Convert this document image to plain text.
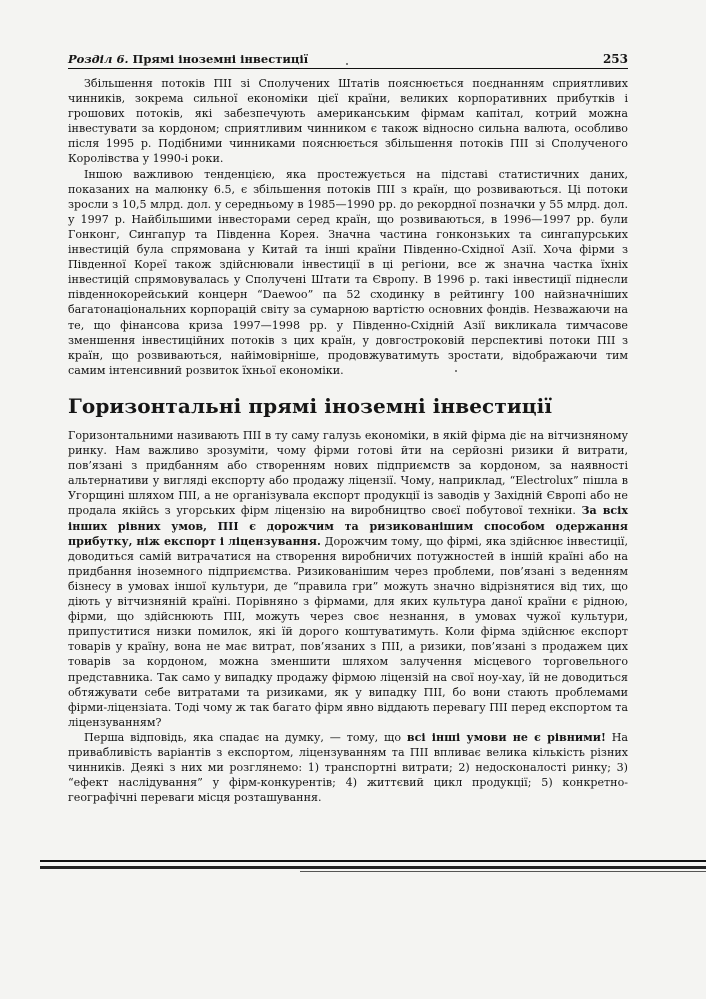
Розділ 6. Прямі іноземні інвестиції	253

Збільшення потоків ПІІ зі Сполучених Штатів пояснюється поєднанням сприятливих чинників, зокрема сильної економіки цієї країни, великих корпоративних прибутків і грошових потоків, які забезпечують американським фірмам капітал, котрий можна інвестувати за кордоном; сприятливим чинником є також відносно сильна валюта, особливо після 1995 р. Подібними чинниками пояснюється збільшення потоків ПІІ зі Сполученого Королівства у 1990-і роки.

Іншою важливою тенденцією, яка простежується на підставі статистичних даних, показаних на малюнку 6.5, є збільшення потоків ПІІ з країн, що розвиваються. Ці потоки зросли з 10,5 млрд. дол. у середньому в 1985—1990 рр. до рекордної позначки у 55 млрд. дол. у 1997 р. Найбільшими інвесторами серед країн, що розвиваються, в 1996—1997 рр. були Гонконг, Сингапур та Південна Корея. Значна частина гонконзьких та сингапурських інвестицій була спрямована у Китай та інші країни Південно-Східної Азії. Хоча фірми з Південної Кореї також здійснювали інвестиції в ці регіони, все ж значна частка їхніх інвестицій спрямовувалась у Сполучені Штати та Європу. В 1996 р. такі інвестиції піднесли південнокорейський концерн “Daewoo” па 52 сходинку в рейтингу 100 найзначніших багатонаціональних корпорацій світу за сумарною вартістю основних фондів. Незважаючи на те, що фінансова криза 1997—1998 рр. у Південно-Східній Азії викликала тимчасове зменшення інвестиційних потоків з цих країн, у довгостроковій перспективі потоки ПІІ з країн, що розвиваються, найімовірніше, продовжуватимуть зростати, відображаючи тим самим інтенсивний розвиток їхньої економіки.

Горизонтальні прямі іноземні інвестиції

Горизонтальними називають ПІІ в ту саму галузь економіки, в якій фірма діє на вітчизняному ринку. Нам важливо зрозуміти, чому фірми готові йти на серйозні ризики й витрати, пов’язані з придбанням або створенням нових підприємств за кордоном, за наявності альтернативи у вигляді експорту або продажу ліцензії. Чому, наприклад, “Electrolux” пішла в Угорщині шляхом ПІІ, а не організувала експорт продукції із заводів у Західній Європі або не продала якійсь з угорських фірм ліцензію на виробництво своєї побутової техніки. За всіх інших рівних умов, ПІІ є дорожчим та ризикованішим способом одержання прибутку, ніж експорт і ліцензування. Дорожчим тому, що фірмі, яка здійснює інвестиції, доводиться самій витрачатися на створення виробничих потужностей в іншій країні або на придбання іноземного підприємства. Ризикованішим через проблеми, пов’язані з веденням бізнесу в умовах іншої культури, де “правила гри” можуть значно відрізнятися від тих, що діють у вітчизняній країні. Порівняно з фірмами, для яких культура даної країни є рідною, фірми, що здійснюють ПІІ, можуть через своє незнання, в умовах чужої культури, припуститися низки помилок, які їй дорого коштуватимуть. Коли фірма здійснює експорт товарів у країну, вона не має витрат, пов’язаних з ПІІ, а ризики, пов’язані з продажем цих товарів за кордоном, можна зменшити шляхом залучення місцевого торговельного представника. Так само у випадку продажу фірмою ліцензій на свої ноу-хау, їй не доводиться обтяжувати себе витратами та ризиками, як у випадку ПІІ, бо вони стають проблемами фірми-ліцензіата. Тоді чому ж так багато фірм явно віддають перевагу ПІІ перед експортом та ліцензуванням?

Перша відповідь, яка спадає на думку, — тому, що всі інші умови не є рівними! На привабливість варіантів з експортом, ліцензуванням та ПІІ впливає велика кількість різних чинників. Деякі з них ми розглянемо: 1) транспортні витрати; 2) недосконалості ринку; 3) “ефект наслідування” у фірм-конкурентів; 4) життєвий цикл продукції; 5) конкретно-географічні переваги місця розташування.
